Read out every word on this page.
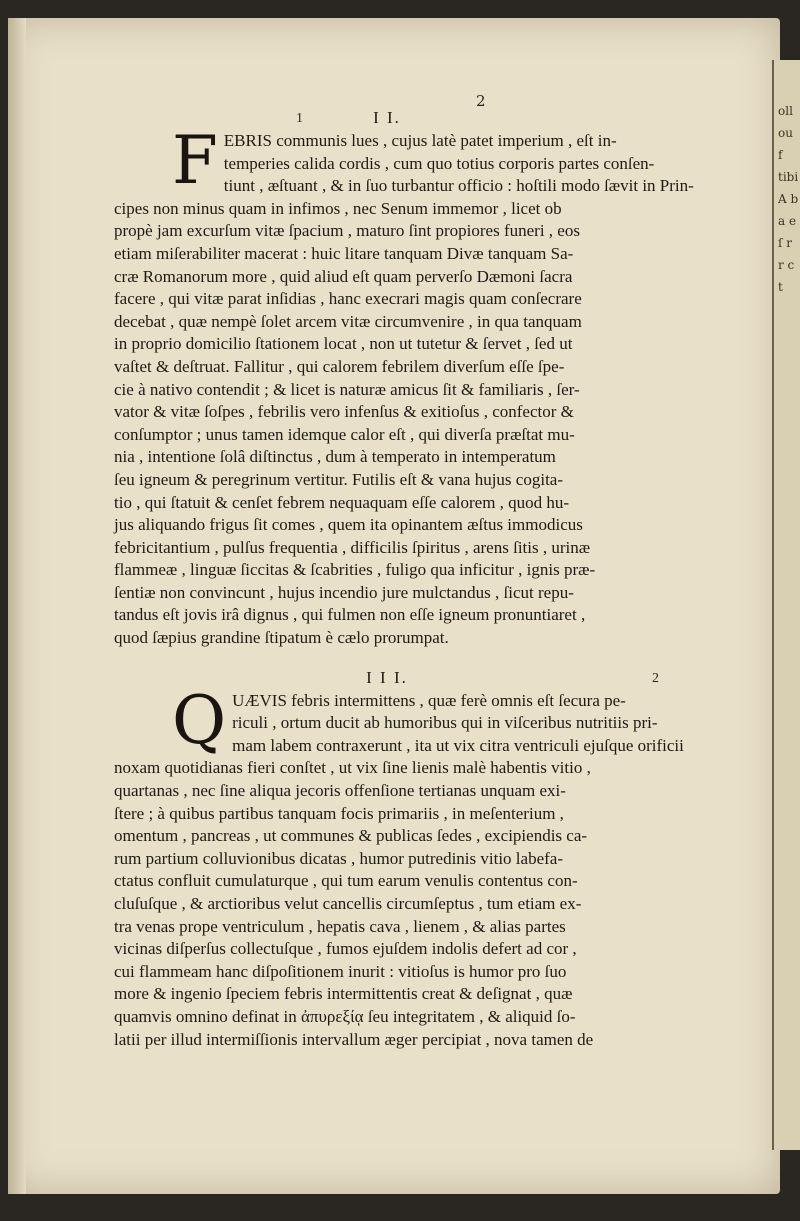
ollou f tibi A b a e ſ r r c t
2
I I.
1
F EBRIS communis lues , cujus latè patet imperium , eſt in-
temperies calida cordis , cum quo totius corporis partes conſen-
tiunt , æſtuant , & in ſuo turbantur officio : hoſtili modo ſævit in Prin-
cipes non minus quam in infimos , nec Senum immemor , licet ob
propè jam excurſum vitæ ſpacium , maturo ſint propiores funeri , eos
etiam miſerabiliter macerat : huic litare tanquam Divæ tanquam Sa-
cræ Romanorum more , quid aliud eſt quam perverſo Dæmoni ſacra
facere , qui vitæ parat inſidias , hanc execrari magis quam conſecrare
decebat , quæ nempè ſolet arcem vitæ circumvenire , in qua tanquam
in proprio domicilio ſtationem locat , non ut tutetur & ſervet , ſed ut
vaſtet & deſtruat. Fallitur , qui calorem febrilem diverſum eſſe ſpe-
cie à nativo contendit ; & licet is naturæ amicus ſit & familiaris , ſer-
vator & vitæ ſoſpes , febrilis vero infenſus & exitioſus , confector &
conſumptor ; unus tamen idemque calor eſt , qui diverſa præſtat mu-
nia , intentione ſolâ diſtinctus , dum à temperato in intemperatum
ſeu igneum & peregrinum vertitur. Futilis eſt & vana hujus cogita-
tio , qui ſtatuit & cenſet febrem nequaquam eſſe calorem , quod hu-
jus aliquando frigus ſit comes , quem ita opinantem æſtus immodicus
febricitantium , pulſus frequentia , difficilis ſpiritus , arens ſitis , urinæ
flammeæ , linguæ ſiccitas & ſcabrities , fuligo qua inficitur , ignis præ-
ſentiæ non convincunt , hujus incendio jure mulctandus , ſicut repu-
tandus eſt jovis irâ dignus , qui fulmen non eſſe igneum pronuntiaret ,
quod ſæpius grandine ſtipatum è cælo prorumpat.
I I I.	2
Q UÆVIS febris intermittens , quæ ferè omnis eſt ſecura pe-
riculi , ortum ducit ab humoribus qui in viſceribus nutritiis pri-
mam labem contraxerunt , ita ut vix citra ventriculi ejuſque orificii
noxam quotidianas fieri conſtet , ut vix ſine lienis malè habentis vitio ,
quartanas , nec ſine aliqua jecoris offenſione tertianas unquam exi-
ſtere ; à quibus partibus tanquam focis primariis , in meſenterium ,
omentum , pancreas , ut communes & publicas ſedes , excipiendis ca-
rum partium colluvionibus dicatas , humor putredinis vitio labefa-
ctatus confluit cumulaturque , qui tum earum venulis contentus con-
cluſuſque , & arctioribus velut cancellis circumſeptus , tum etiam ex-
tra venas prope ventriculum , hepatis cava , lienem , & alias partes
vicinas diſperſus collectuſque , fumos ejuſdem indolis defert ad cor ,
cui flammeam hanc diſpoſitionem inurit : vitioſus is humor pro ſuo
more & ingenio ſpeciem febris intermittentis creat & deſignat , quæ
quamvis omnino definat in ἀπυρεξίᾳ ſeu integritatem , & aliquid ſo-
latii per illud intermiſſionis intervallum æger percipiat , nova tamen de
